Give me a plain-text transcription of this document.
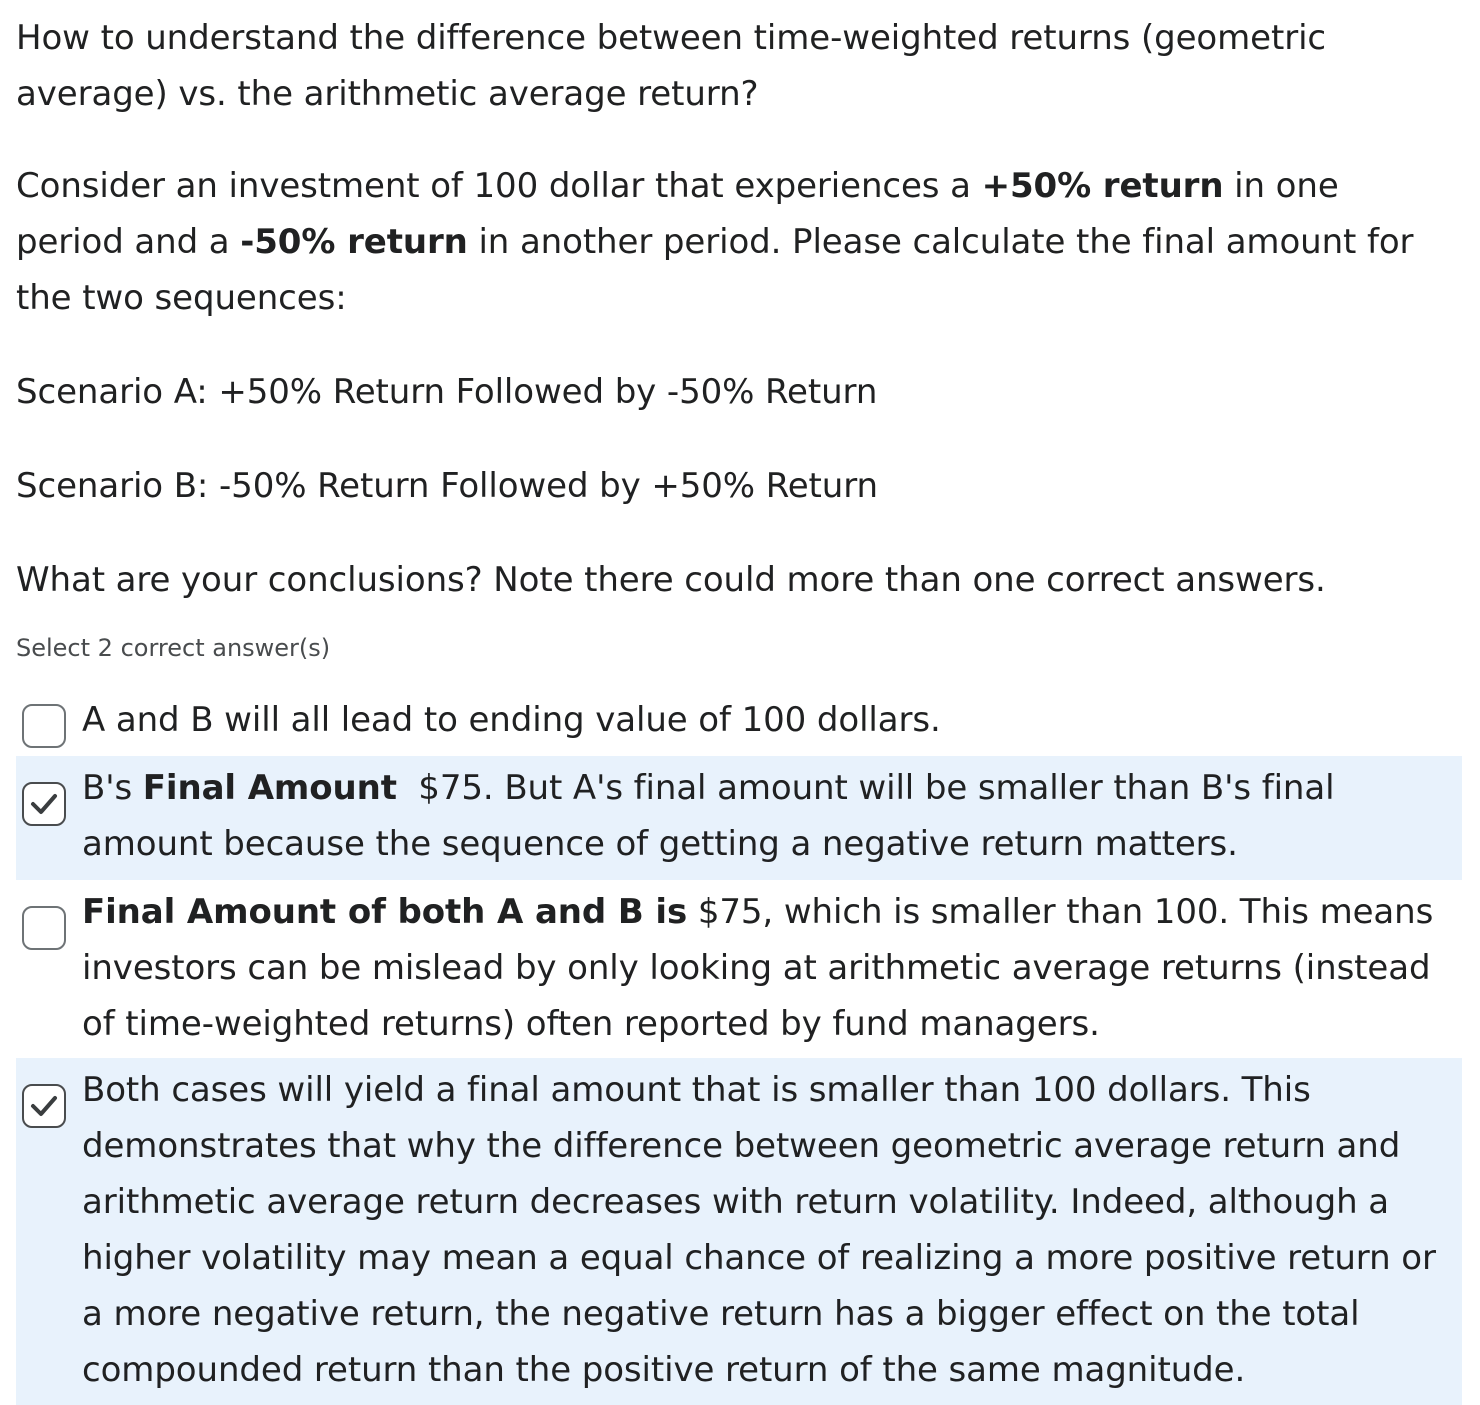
How to understand the difference between time-weighted returns (geometric average) vs. the arithmetic average return?

Consider an investment of 100 dollar that experiences a +50% return in one period and a -50% return in another period. Please calculate the final amount for the two sequences:

Scenario A: +50% Return Followed by -50% Return

Scenario B: -50% Return Followed by +50% Return

What are your conclusions? Note there could more than one correct answers.

Select 2 correct answer(s)

A and B will all lead to ending value of 100 dollars.

B's Final Amount  $75. But A's final amount will be smaller than B's final amount because the sequence of getting a negative return matters.

Final Amount of both A and B is $75, which is smaller than 100. This means investors can be mislead by only looking at arithmetic average returns (instead of time-weighted returns) often reported by fund managers.

Both cases will yield a final amount that is smaller than 100 dollars. This demonstrates that why the difference between geometric average return and arithmetic average return decreases with return volatility. Indeed, although a higher volatility may mean a equal chance of realizing a more positive return or a more negative return, the negative return has a bigger effect on the total compounded return than the positive return of the same magnitude.
